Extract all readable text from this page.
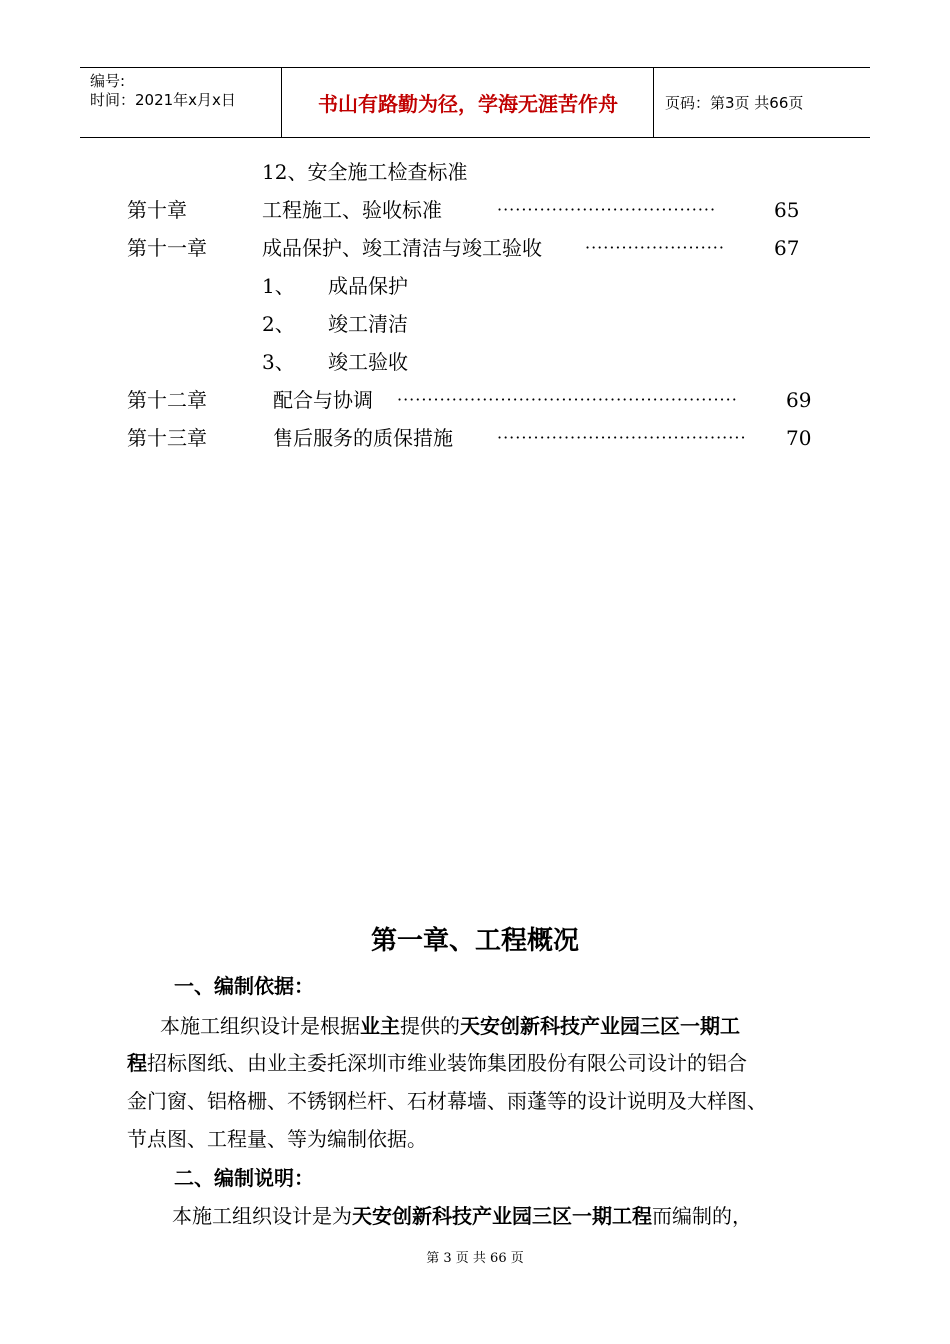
编号:
时间：2021年x月x日	书山有路勤为径，学海无涯苦作舟	页码：第3页 共66页
12、安全施工检查标准
第十章	工程施工、验收标准	····································	65
第十一章	成品保护、竣工清洁与竣工验收	·······················	67
1、 成品保护
2、 竣工清洁
3、 竣工验收
第十二章	配合与协调 ························································	69
第十三章	售后服务的质保措施	·········································	70
第一章、工程概况
一、编制依据：
本施工组织设计是根据业主提供的天安创新科技产业园三区一期工
程招标图纸、由业主委托深圳市维业装饰集团股份有限公司设计的铝合
金门窗、铝格栅、不锈钢栏杆、石材幕墙、雨蓬等的设计说明及大样图、
节点图、工程量、等为编制依据。
二、编制说明：
本施工组织设计是为天安创新科技产业园三区一期工程而编制的，
第 3 页 共 66 页
